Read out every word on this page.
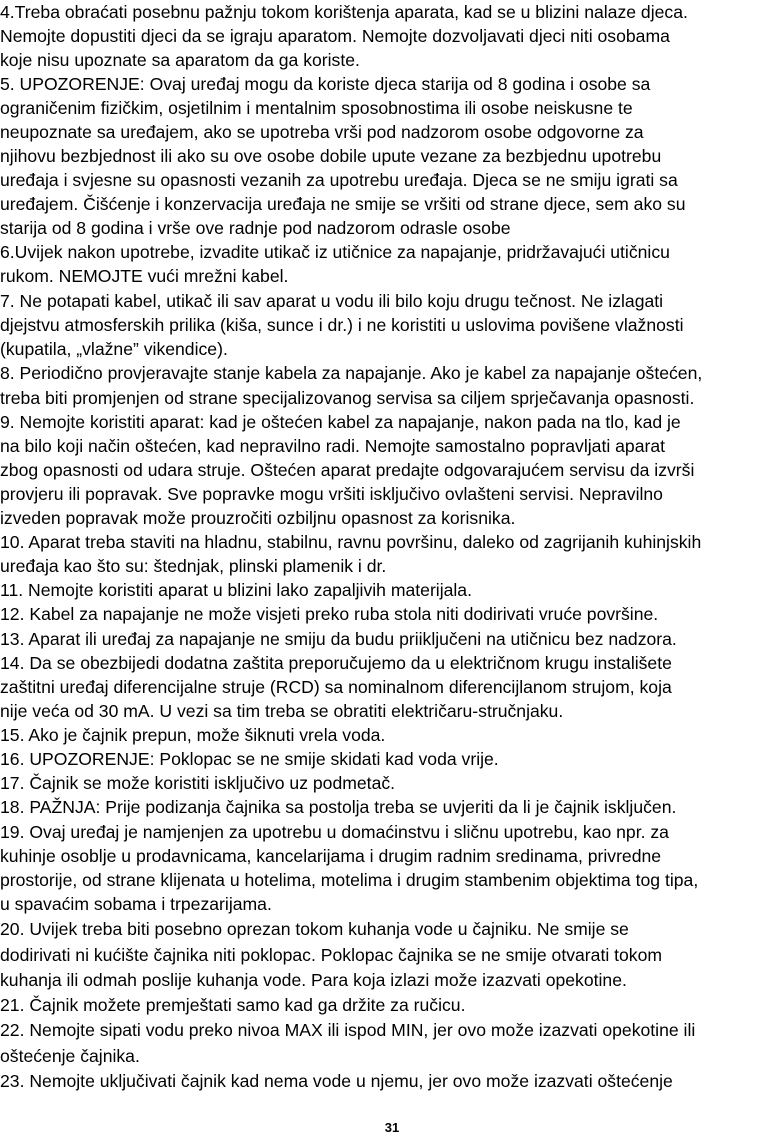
4.Treba obraćati posebnu pažnju tokom korištenja aparata, kad se u blizini nalaze djeca.
Nemojte dopustiti djeci da se igraju aparatom. Nemojte dozvoljavati djeci niti osobama
koje nisu upoznate sa aparatom da ga koriste.
5. UPOZORENJE: Ovaj uređaj mogu da koriste djeca starija od 8 godina i osobe sa
ograničenim fizičkim, osjetilnim i mentalnim sposobnostima ili osobe neiskusne te
neupoznate sa uređajem, ako se upotreba vrši pod nadzorom osobe odgovorne za
njihovu bezbjednost ili ako su ove osobe dobile upute vezane za bezbjednu upotrebu
uređaja i svjesne su opasnosti vezanih za upotrebu uređaja. Djeca se ne smiju igrati sa
uređajem. Čišćenje i konzervacija uređaja ne smije se vršiti od strane djece, sem ako su
starija od 8 godina i vrše ove radnje pod nadzorom odrasle osobe
6.Uvijek nakon upotrebe, izvadite utikač iz utičnice za napajanje, pridržavajući utičnicu
rukom. NEMOJTE vući mrežni kabel.
7. Ne potapati kabel, utikač ili sav aparat u vodu ili bilo koju drugu tečnost. Ne izlagati
djejstvu atmosferskih prilika (kiša, sunce i dr.) i ne koristiti u uslovima povišene vlažnosti
(kupatila, „vlažne” vikendice).
8. Periodično provjeravajte stanje kabela za napajanje. Ako je kabel za napajanje oštećen,
treba biti promjenjen od strane specijalizovanog servisa sa ciljem sprječavanja opasnosti.
9. Nemojte koristiti aparat: kad je oštećen kabel za napajanje, nakon pada na tlo, kad je
na bilo koji način oštećen, kad nepravilno radi. Nemojte samostalno popravljati aparat
zbog opasnosti od udara struje. Oštećen aparat predajte odgovarajućem servisu da izvrši
provjeru ili popravak. Sve popravke mogu vršiti isključivo ovlašteni servisi. Nepravilno
izveden popravak može prouzročiti ozbiljnu opasnost za korisnika.
10. Aparat treba staviti na hladnu, stabilnu, ravnu površinu, daleko od zagrijanih kuhinjskih
uređaja kao što su: štednjak, plinski plamenik i dr.
11. Nemojte koristiti aparat u blizini lako zapaljivih materijala.
12. Kabel za napajanje ne može visjeti preko ruba stola niti dodirivati vruće površine.
13. Aparat ili uređaj za napajanje ne smiju da budu priiključeni na utičnicu bez nadzora.
14. Da se obezbijedi dodatna zaštita preporučujemo da u električnom krugu instališete
zaštitni uređaj diferencijalne struje (RCD) sa nominalnom diferencijlanom strujom, koja
nije veća od 30 mA. U vezi sa tim treba se obratiti električaru-stručnjaku.
15. Ako je čajnik prepun, može šiknuti vrela voda.
16. UPOZORENJE: Poklopac se ne smije skidati kad voda vrije.
17. Čajnik se može koristiti isključivo uz podmetač.
18. PAŽNJA: Prije podizanja čajnika sa postolja treba se uvjeriti da li je čajnik isključen.
19. Ovaj uređaj je namjenjen za upotrebu u domaćinstvu i sličnu upotrebu, kao npr. za
kuhinje osoblje u prodavnicama, kancelarijama i drugim radnim sredinama, privredne
prostorije, od strane klijenata u hotelima, motelima i drugim stambenim objektima tog tipa,
u spavaćim sobama i trpezarijama.
20. Uvijek treba biti posebno oprezan tokom kuhanja vode u čajniku. Ne smije se
dodirivati ni kućište čajnika niti poklopac. Poklopac čajnika se ne smije otvarati tokom
kuhanja ili odmah poslije kuhanja vode. Para koja izlazi može izazvati opekotine.
21. Čajnik možete premještati samo kad ga držite za ručicu.
22. Nemojte sipati vodu preko nivoa MAX ili ispod MIN, jer ovo može izazvati opekotine ili
oštećenje čajnika.
23. Nemojte uključivati čajnik kad nema vode u njemu, jer ovo može izazvati oštećenje
31
